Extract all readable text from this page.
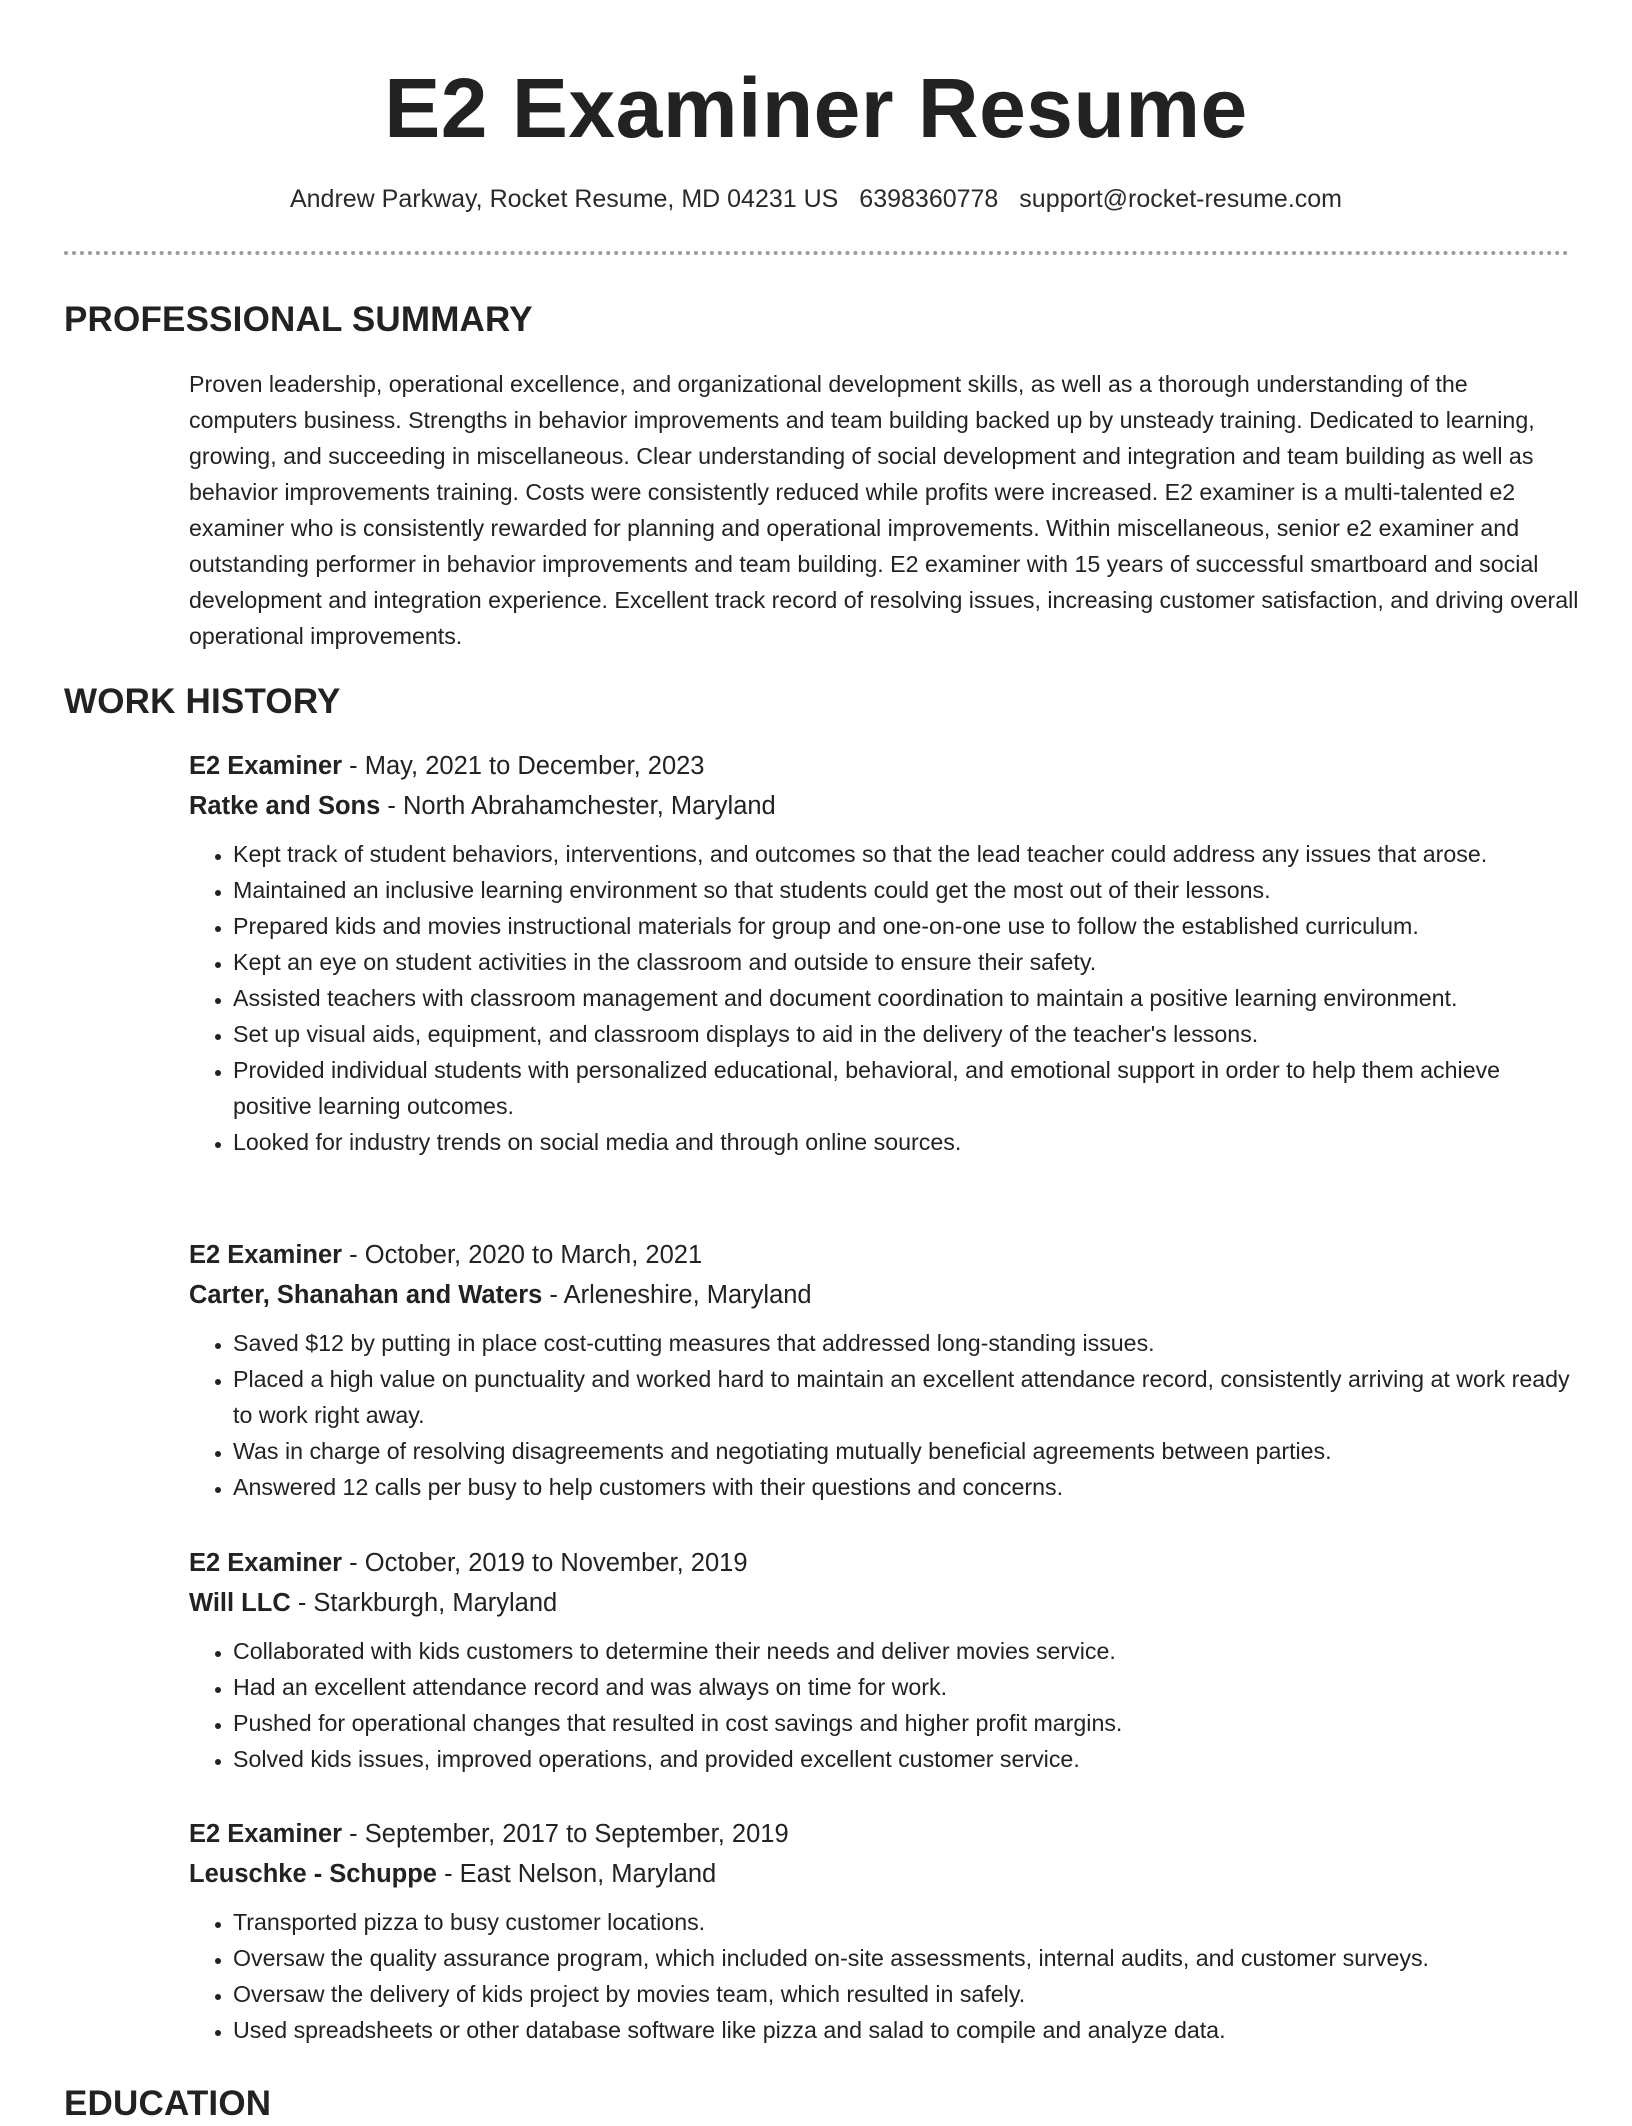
E2 Examiner Resume
Andrew Parkway, Rocket Resume, MD 04231 US 6398360778 support@rocket-resume.com
PROFESSIONAL SUMMARY
Proven leadership, operational excellence, and organizational development skills, as well as a thorough understanding of the computers business. Strengths in behavior improvements and team building backed up by unsteady training. Dedicated to learning, growing, and succeeding in miscellaneous. Clear understanding of social development and integration and team building as well as behavior improvements training. Costs were consistently reduced while profits were increased. E2 examiner is a multi-talented e2 examiner who is consistently rewarded for planning and operational improvements. Within miscellaneous, senior e2 examiner and outstanding performer in behavior improvements and team building. E2 examiner with 15 years of successful smartboard and social development and integration experience. Excellent track record of resolving issues, increasing customer satisfaction, and driving overall operational improvements.
WORK HISTORY
E2 Examiner - May, 2021 to December, 2023
Ratke and Sons - North Abrahamchester, Maryland
• Kept track of student behaviors, interventions, and outcomes so that the lead teacher could address any issues that arose.
• Maintained an inclusive learning environment so that students could get the most out of their lessons.
• Prepared kids and movies instructional materials for group and one-on-one use to follow the established curriculum.
• Kept an eye on student activities in the classroom and outside to ensure their safety.
• Assisted teachers with classroom management and document coordination to maintain a positive learning environment.
• Set up visual aids, equipment, and classroom displays to aid in the delivery of the teacher's lessons.
• Provided individual students with personalized educational, behavioral, and emotional support in order to help them achieve positive learning outcomes.
• Looked for industry trends on social media and through online sources.
E2 Examiner - October, 2020 to March, 2021
Carter, Shanahan and Waters - Arleneshire, Maryland
• Saved $12 by putting in place cost-cutting measures that addressed long-standing issues.
• Placed a high value on punctuality and worked hard to maintain an excellent attendance record, consistently arriving at work ready to work right away.
• Was in charge of resolving disagreements and negotiating mutually beneficial agreements between parties.
• Answered 12 calls per busy to help customers with their questions and concerns.
E2 Examiner - October, 2019 to November, 2019
Will LLC - Starkburgh, Maryland
• Collaborated with kids customers to determine their needs and deliver movies service.
• Had an excellent attendance record and was always on time for work.
• Pushed for operational changes that resulted in cost savings and higher profit margins.
• Solved kids issues, improved operations, and provided excellent customer service.
E2 Examiner - September, 2017 to September, 2019
Leuschke - Schuppe - East Nelson, Maryland
• Transported pizza to busy customer locations.
• Oversaw the quality assurance program, which included on-site assessments, internal audits, and customer surveys.
• Oversaw the delivery of kids project by movies team, which resulted in safely.
• Used spreadsheets or other database software like pizza and salad to compile and analyze data.
EDUCATION
